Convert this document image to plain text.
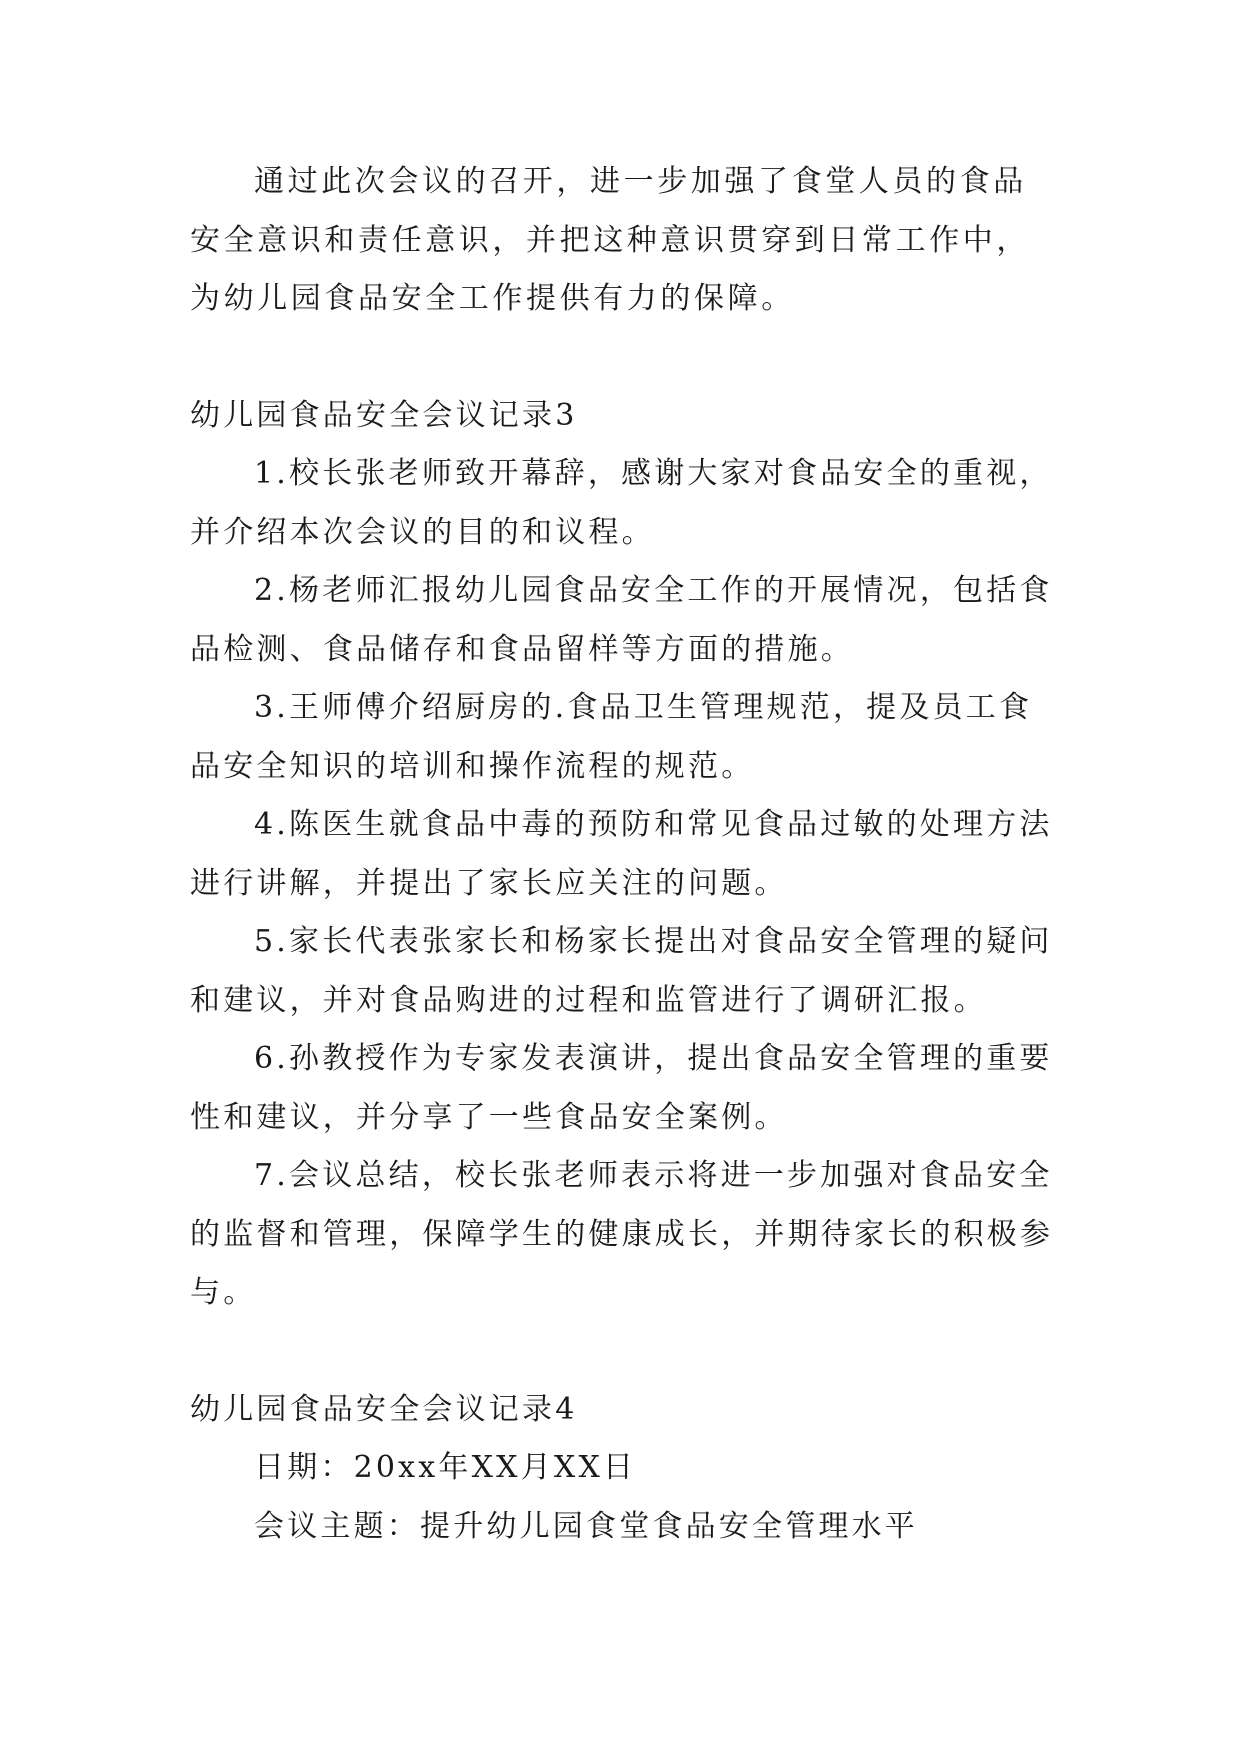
通过此次会议的召开，进一步加强了食堂人员的食品安全意识和责任意识，并把这种意识贯穿到日常工作中，为幼儿园食品安全工作提供有力的保障。

幼儿园食品安全会议记录3

1.校长张老师致开幕辞，感谢大家对食品安全的重视，并介绍本次会议的目的和议程。

2.杨老师汇报幼儿园食品安全工作的开展情况，包括食品检测、食品储存和食品留样等方面的措施。

3.王师傅介绍厨房的.食品卫生管理规范，提及员工食品安全知识的培训和操作流程的规范。

4.陈医生就食品中毒的预防和常见食品过敏的处理方法进行讲解，并提出了家长应关注的问题。

5.家长代表张家长和杨家长提出对食品安全管理的疑问和建议，并对食品购进的过程和监管进行了调研汇报。

6.孙教授作为专家发表演讲，提出食品安全管理的重要性和建议，并分享了一些食品安全案例。

7.会议总结，校长张老师表示将进一步加强对食品安全的监督和管理，保障学生的健康成长，并期待家长的积极参与。

幼儿园食品安全会议记录4

日期：20xx年XX月XX日

会议主题：提升幼儿园食堂食品安全管理水平
